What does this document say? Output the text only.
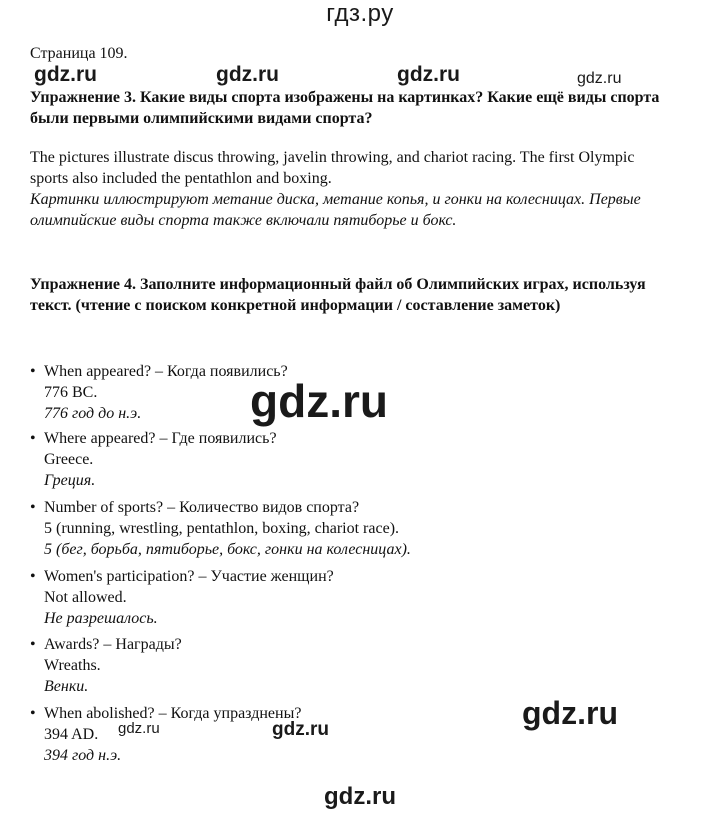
гдз.ру
gdz.ru	gdz.ru	gdz.ru	gdz.ru
gdz.ru
gdz.ru
gdz.ru	gdz.ru
gdz.ru
Страница 109.
Упражнение 3. Какие виды спорта изображены на картинках? Какие ещё виды спорта были первыми олимпийскими видами спорта?
The pictures illustrate discus throwing, javelin throwing, and chariot racing. The first Olympic sports also included the pentathlon and boxing.
Картинки иллюстрируют метание диска, метание копья, и гонки на колесницах. Первые олимпийские виды спорта также включали пятиборье и бокс.
Упражнение 4. Заполните информационный файл об Олимпийских играх, используя текст. (чтение с поиском конкретной информации / составление заметок)
• When appeared? – Когда появились?
776 BC.
776 год до н.э.
• Where appeared? – Где появились?
Greece.
Греция.
• Number of sports? – Количество видов спорта?
5 (running, wrestling, pentathlon, boxing, chariot race).
5 (бег, борьба, пятиборье, бокс, гонки на колесницах).
• Women's participation? – Участие женщин?
Not allowed.
Не разрешалось.
• Awards? – Награды?
Wreaths.
Венки.
• When abolished? – Когда упразднены?
394 AD.
394 год н.э.
